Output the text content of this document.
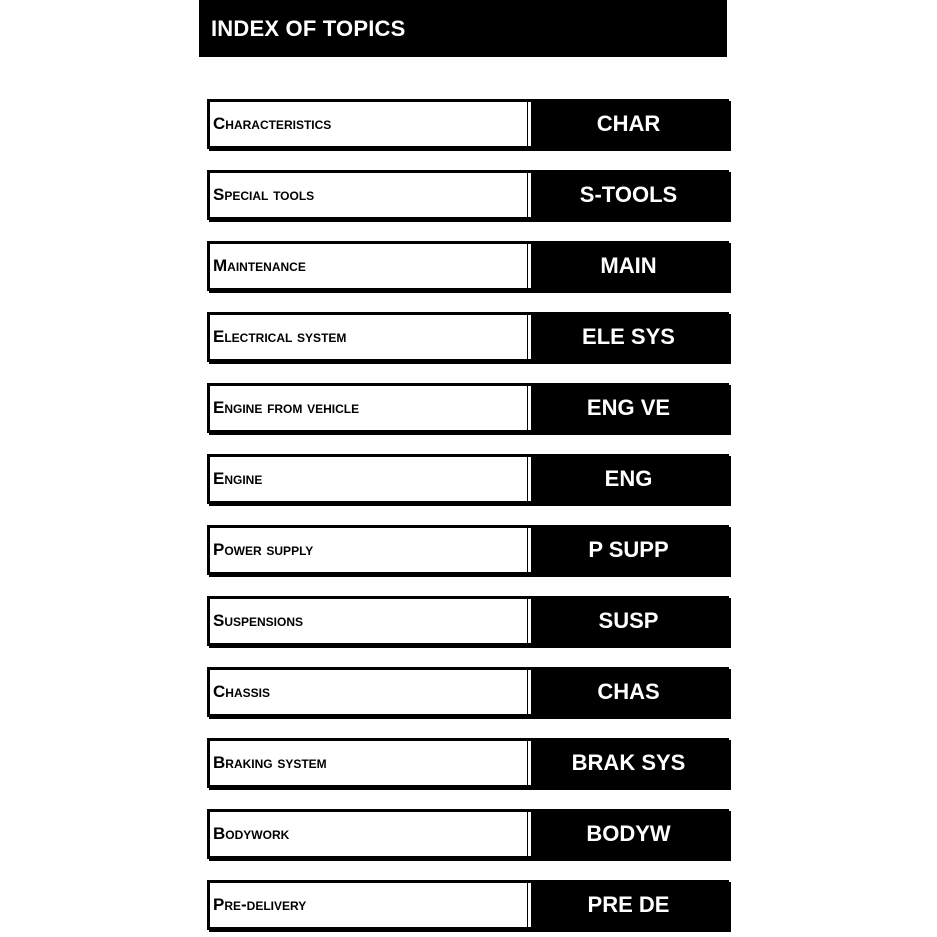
INDEX OF TOPICS
Characteristics	CHAR
Special tools	S-TOOLS
Maintenance	MAIN
Electrical system	ELE SYS
Engine from vehicle	ENG VE
Engine	ENG
Power supply	P SUPP
Suspensions	SUSP
Chassis	CHAS
Braking system	BRAK SYS
Bodywork	BODYW
Pre-delivery	PRE DE
